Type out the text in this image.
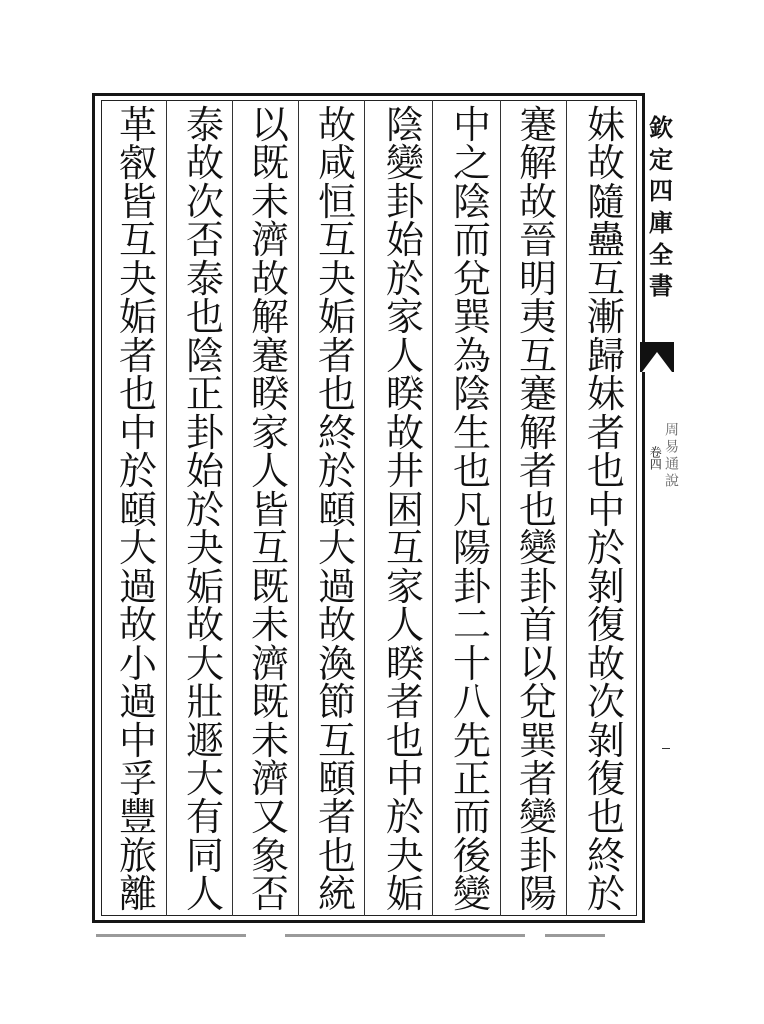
妹
故
隨
蠱
互
漸
歸
妹
者
也
中
於
剝
復
故
次
剝
復
也
終
於
蹇
解
故
晉
明
夷
互
蹇
解
者
也
變
卦
首
以
兌
巽
者
變
卦
陽
中
之
陰
而
兌
巽
為
陰
生
也
凡
陽
卦
二
十
八
先
正
而
後
變
陰
變
卦
始
於
家
人
睽
故
井
困
互
家
人
睽
者
也
中
於
夬
姤
故
咸
恒
互
夬
姤
者
也
終
於
頤
大
過
故
渙
節
互
頤
者
也
統
以
既
未
濟
故
解
蹇
睽
家
人
皆
互
既
未
濟
既
未
濟
又
象
否
泰
故
次
否
泰
也
陰
正
卦
始
於
夬
姤
故
大
壯
遯
大
有
同
人
革
㕡
皆
互
夬
姤
者
也
中
於
頤
大
過
故
小
過
中
孚
豐
旅
離
欽
定
四
庫
全
書
卷四 周易通說
